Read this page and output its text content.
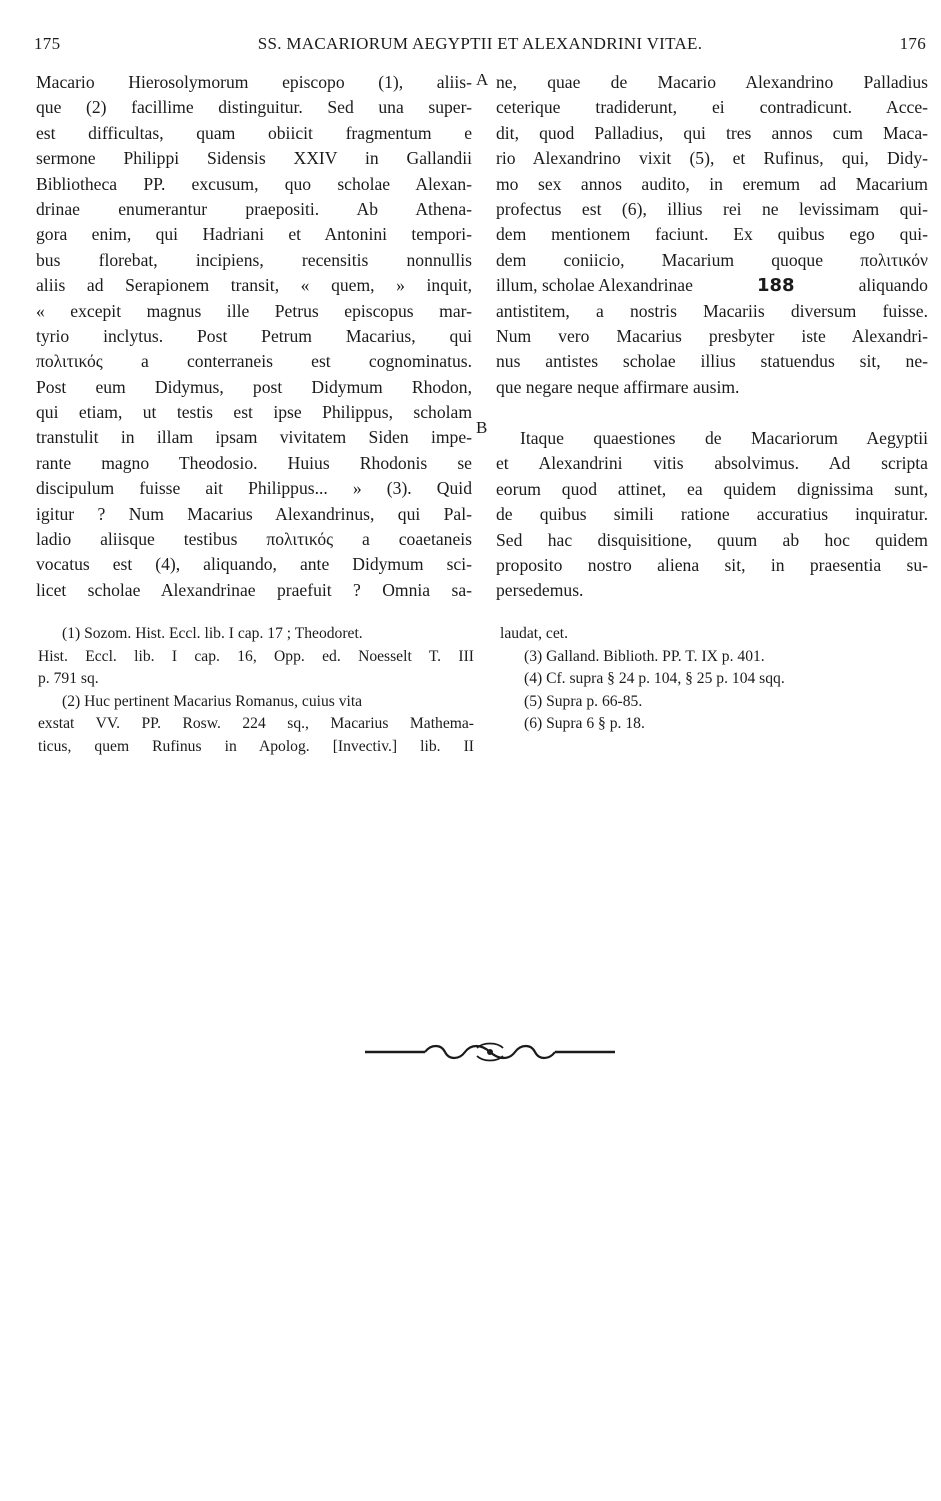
175	SS. MACARIORUM AEGYPTII ET ALEXANDRINI VITAE.	176
A
B
Macario Hierosolymorum episcopo (1), aliis-
que (2) facillime distinguitur. Sed una super-
est difficultas, quam obiicit fragmentum e
sermone Philippi Sidensis XXIV in Gallandii
Bibliotheca PP. excusum, quo scholae Alexan-
drinae enumerantur praepositi. Ab Athena-
gora enim, qui Hadriani et Antonini tempori-
bus florebat, incipiens, recensitis nonnullis
aliis ad Serapionem transit, « quem, » inquit,
« excepit magnus ille Petrus episcopus mar-
tyrio inclytus. Post Petrum Macarius, qui
πολιτικός a conterraneis est cognominatus.
Post eum Didymus, post Didymum Rhodon,
qui etiam, ut testis est ipse Philippus, scholam
transtulit in illam ipsam vivitatem Siden impe-
rante magno Theodosio. Huius Rhodonis se
discipulum fuisse ait Philippus... » (3). Quid
igitur ? Num Macarius Alexandrinus, qui Pal-
ladio aliisque testibus πολιτικός a coaetaneis
vocatus est (4), aliquando, ante Didymum sci-
licet scholae Alexandrinae praefuit ? Omnia sa-
ne, quae de Macario Alexandrino Palladius
ceterique tradiderunt, ei contradicunt. Acce-
dit, quod Palladius, qui tres annos cum Maca-
rio Alexandrino vixit (5), et Rufinus, qui, Didy-
mo sex annos audito, in eremum ad Macarium
profectus est (6), illius rei ne levissimam qui-
dem mentionem faciunt. Ex quibus ego qui-
dem coniicio, Macarium quoque πολιτικόν
illum, scholae Alexandrinae	188	aliquando
antistitem, a nostris Macariis diversum fuisse.
Num vero Macarius presbyter iste Alexandri-
nus antistes scholae illius statuendus sit, ne-
que negare neque affirmare ausim.
Itaque quaestiones de Macariorum Aegyptii
et Alexandrini vitis absolvimus. Ad scripta
eorum quod attinet, ea quidem dignissima sunt,
de quibus simili ratione accuratius inquiratur.
Sed hac disquisitione, quum ab hoc quidem
proposito nostro aliena sit, in praesentia su-
persedemus.
(1) Sozom. Hist. Eccl. lib. I cap. 17 ; Theodoret.
Hist. Eccl. lib. I cap. 16, Opp. ed. Noesselt T. III
p. 791 sq.
(2) Huc pertinent Macarius Romanus, cuius vita
exstat VV. PP. Rosw. 224 sq., Macarius Mathema-
ticus, quem Rufinus in Apolog. [Invectiv.] lib. II
laudat, cet.
(3) Galland. Biblioth. PP. T. IX p. 401.
(4) Cf. supra § 24 p. 104, § 25 p. 104 sqq.
(5) Supra p. 66-85.
(6) Supra 6 § p. 18.
